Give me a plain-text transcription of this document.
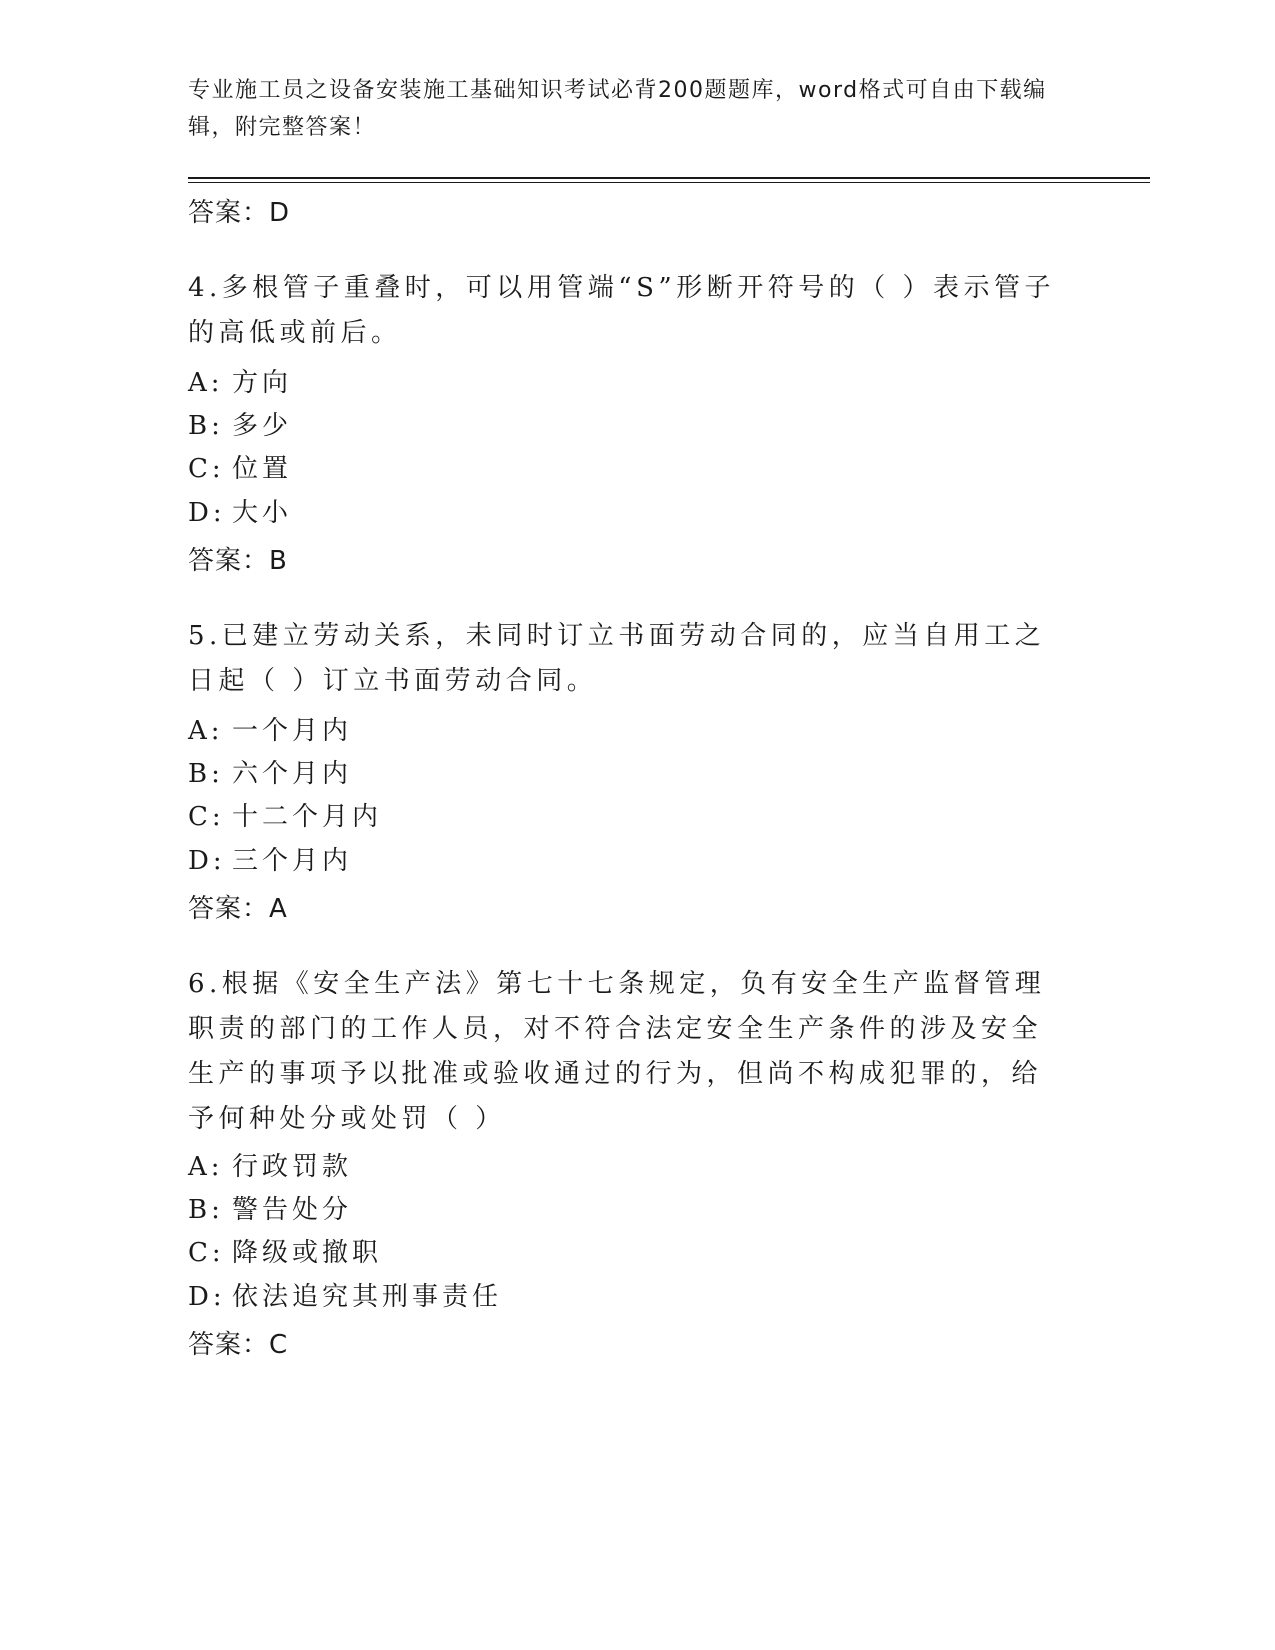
专业施工员之设备安装施工基础知识考试必背200题题库，word格式可自由下载编辑，附完整答案！

答案：D

4.多根管子重叠时，可以用管端“S”形断开符号的（ ）表示管子的高低或前后。

A: 方向

B: 多少

C: 位置

D: 大小

答案：B

5.已建立劳动关系，未同时订立书面劳动合同的，应当自用工之日起（ ）订立书面劳动合同。

A: 一个月内

B: 六个月内

C: 十二个月内

D: 三个月内

答案：A

6.根据《安全生产法》第七十七条规定，负有安全生产监督管理职责的部门的工作人员，对不符合法定安全生产条件的涉及安全生产的事项予以批准或验收通过的行为，但尚不构成犯罪的，给予何种处分或处罚（ ）

A: 行政罚款

B: 警告处分

C: 降级或撤职

D: 依法追究其刑事责任

答案：C
